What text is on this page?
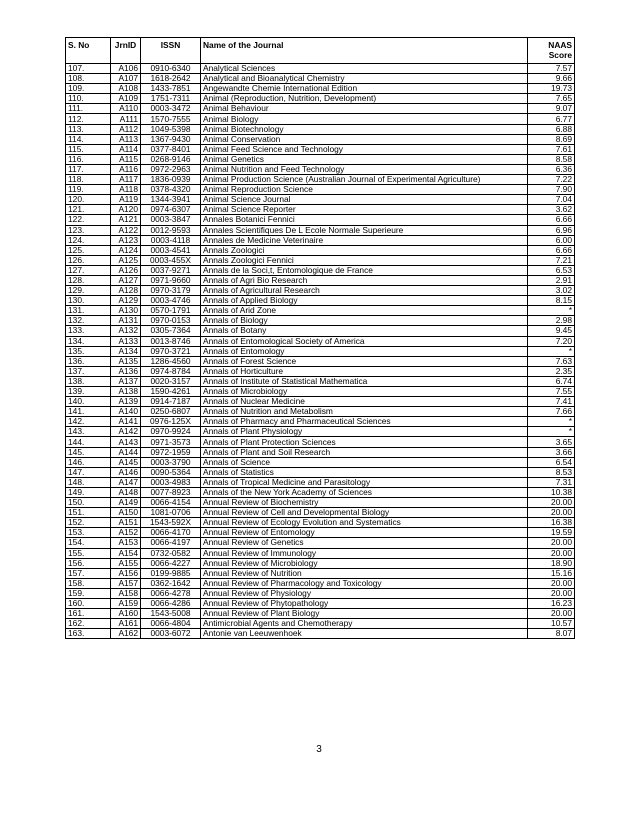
S. No	JrnID	ISSN	Name of the Journal	NAAS
Score

107.	A106	0910-6340	Analytical Sciences	7.57
108.	A107	1618-2642	Analytical and Bioanalytical Chemistry	9.66
109.	A108	1433-7851	Angewandte Chemie International Edition	19.73
110.	A109	1751-7311	Animal (Reproduction, Nutrition, Development)	7.65
111.	A110	0003-3472	Animal Behaviour	9.07
112.	A111	1570-7555	Animal Biology	6.77
113.	A112	1049-5398	Animal Biotechnology	6.88
114.	A113	1367-9430	Animal Conservation	8.69
115.	A114	0377-8401	Animal Feed Science and Technology	7.61
116.	A115	0268-9146	Animal Genetics	8.58
117.	A116	0972-2963	Animal Nutrition and Feed Technology	6.36
118.	A117	1836-0939	Animal Production Science (Australian Journal of Experimental Agriculture)	7.22
119.	A118	0378-4320	Animal Reproduction Science	7.90
120.	A119	1344-3941	Animal Science Journal	7.04
121.	A120	0974-6307	Animal Science Reporter	3.62
122.	A121	0003-3847	Annales Botanici Fennici	6.66
123.	A122	0012-9593	Annales Scientifiques De L Ecole Normale Superieure	6.96
124.	A123	0003-4118	Annales de Medicine Veterinaire	6.00
125.	A124	0003-4541	Annals Zoologici	6.66
126.	A125	0003-455X	Annals Zoologici Fennici	7.21
127.	A126	0037-9271	Annals de la Soci,t, Entomologique de France	6.53
128.	A127	0971-9660	Annals of Agri Bio Research	2.91
129.	A128	0970-3179	Annals of Agricultural Research	3.02
130.	A129	0003-4746	Annals of Applied Biology	8.15
131.	A130	0570-1791	Annals of Arid Zone	*
132.	A131	0970-0153	Annals of Biology	2.98
133.	A132	0305-7364	Annals of Botany	9.45
134.	A133	0013-8746	Annals of Entomological Society of America	7.20
135.	A134	0970-3721	Annals of Entomology	*
136.	A135	1286-4560	Annals of Forest Science	7.63
137.	A136	0974-8784	Annals of Horticulture	2.35
138.	A137	0020-3157	Annals of Institute of Statistical Mathematica	6.74
139.	A138	1590-4261	Annals of Microbiology	7.55
140.	A139	0914-7187	Annals of Nuclear Medicine	7.41
141.	A140	0250-6807	Annals of Nutrition and Metabolism	7.66
142.	A141	0976-125X	Annals of Pharmacy and Pharmaceutical Sciences	*
143.	A142	0970-9924	Annals of Plant Physiology	*
144.	A143	0971-3573	Annals of Plant Protection Sciences	3.65
145.	A144	0972-1959	Annals of Plant and Soil Research	3.66
146.	A145	0003-3790	Annals of Science	6.54
147.	A146	0090-5364	Annals of Statistics	8.53
148.	A147	0003-4983	Annals of Tropical Medicine and Parasitology	7.31
149.	A148	0077-8923	Annals of the New York Academy of Sciences	10.38
150.	A149	0066-4154	Annual Review of Biochemistry	20.00
151.	A150	1081-0706	Annual Review of Cell and Developmental Biology	20.00
152.	A151	1543-592X	Annual Review of Ecology Evolution and Systematics	16.38
153.	A152	0066-4170	Annual Review of Entomology	19.59
154.	A153	0066-4197	Annual Review of Genetics	20.00
155.	A154	0732-0582	Annual Review of Immunology	20.00
156.	A155	0066-4227	Annual Review of Microbiology	18.90
157.	A156	0199-9885	Annual Review of Nutrition	15.16
158.	A157	0362-1642	Annual Review of Pharmacology and Toxicology	20.00
159.	A158	0066-4278	Annual Review of Physiology	20.00
160.	A159	0066-4286	Annual Review of Phytopathology	16.23
161.	A160	1543-5008	Annual Review of Plant Biology	20.00
162.	A161	0066-4804	Antimicrobial Agents and Chemotherapy	10.57
163.	A162	0003-6072	Antonie van Leeuwenhoek	8.07
3
